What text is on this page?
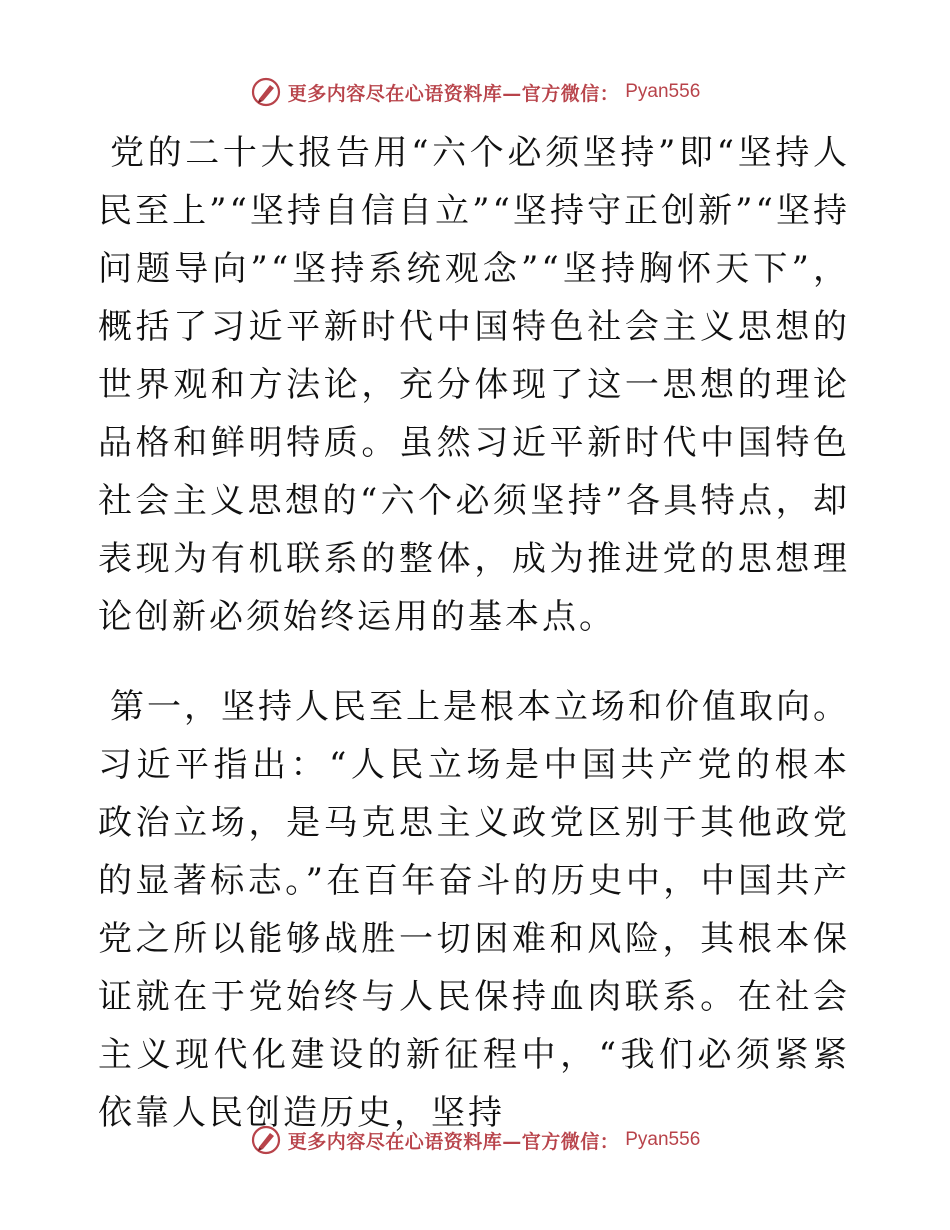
更多内容尽在心语资料库—官方微信： Pyan556

党的二十大报告用“六个必须坚持”即“坚持人民至上”“坚持自信自立”“坚持守正创新”“坚持问题导向”“坚持系统观念”“坚持胸怀天下”，概括了习近平新时代中国特色社会主义思想的世界观和方法论，充分体现了这一思想的理论品格和鲜明特质。虽然习近平新时代中国特色社会主义思想的“六个必须坚持”各具特点，却表现为有机联系的整体，成为推进党的思想理论创新必须始终运用的基本点。

第一，坚持人民至上是根本立场和价值取向。习近平指出：“人民立场是中国共产党的根本政治立场，是马克思主义政党区别于其他政党的显著标志。”在百年奋斗的历史中，中国共产党之所以能够战胜一切困难和风险，其根本保证就在于党始终与人民保持血肉联系。在社会主义现代化建设的新征程中，“我们必须紧紧依靠人民创造历史，坚持

更多内容尽在心语资料库—官方微信： Pyan556
